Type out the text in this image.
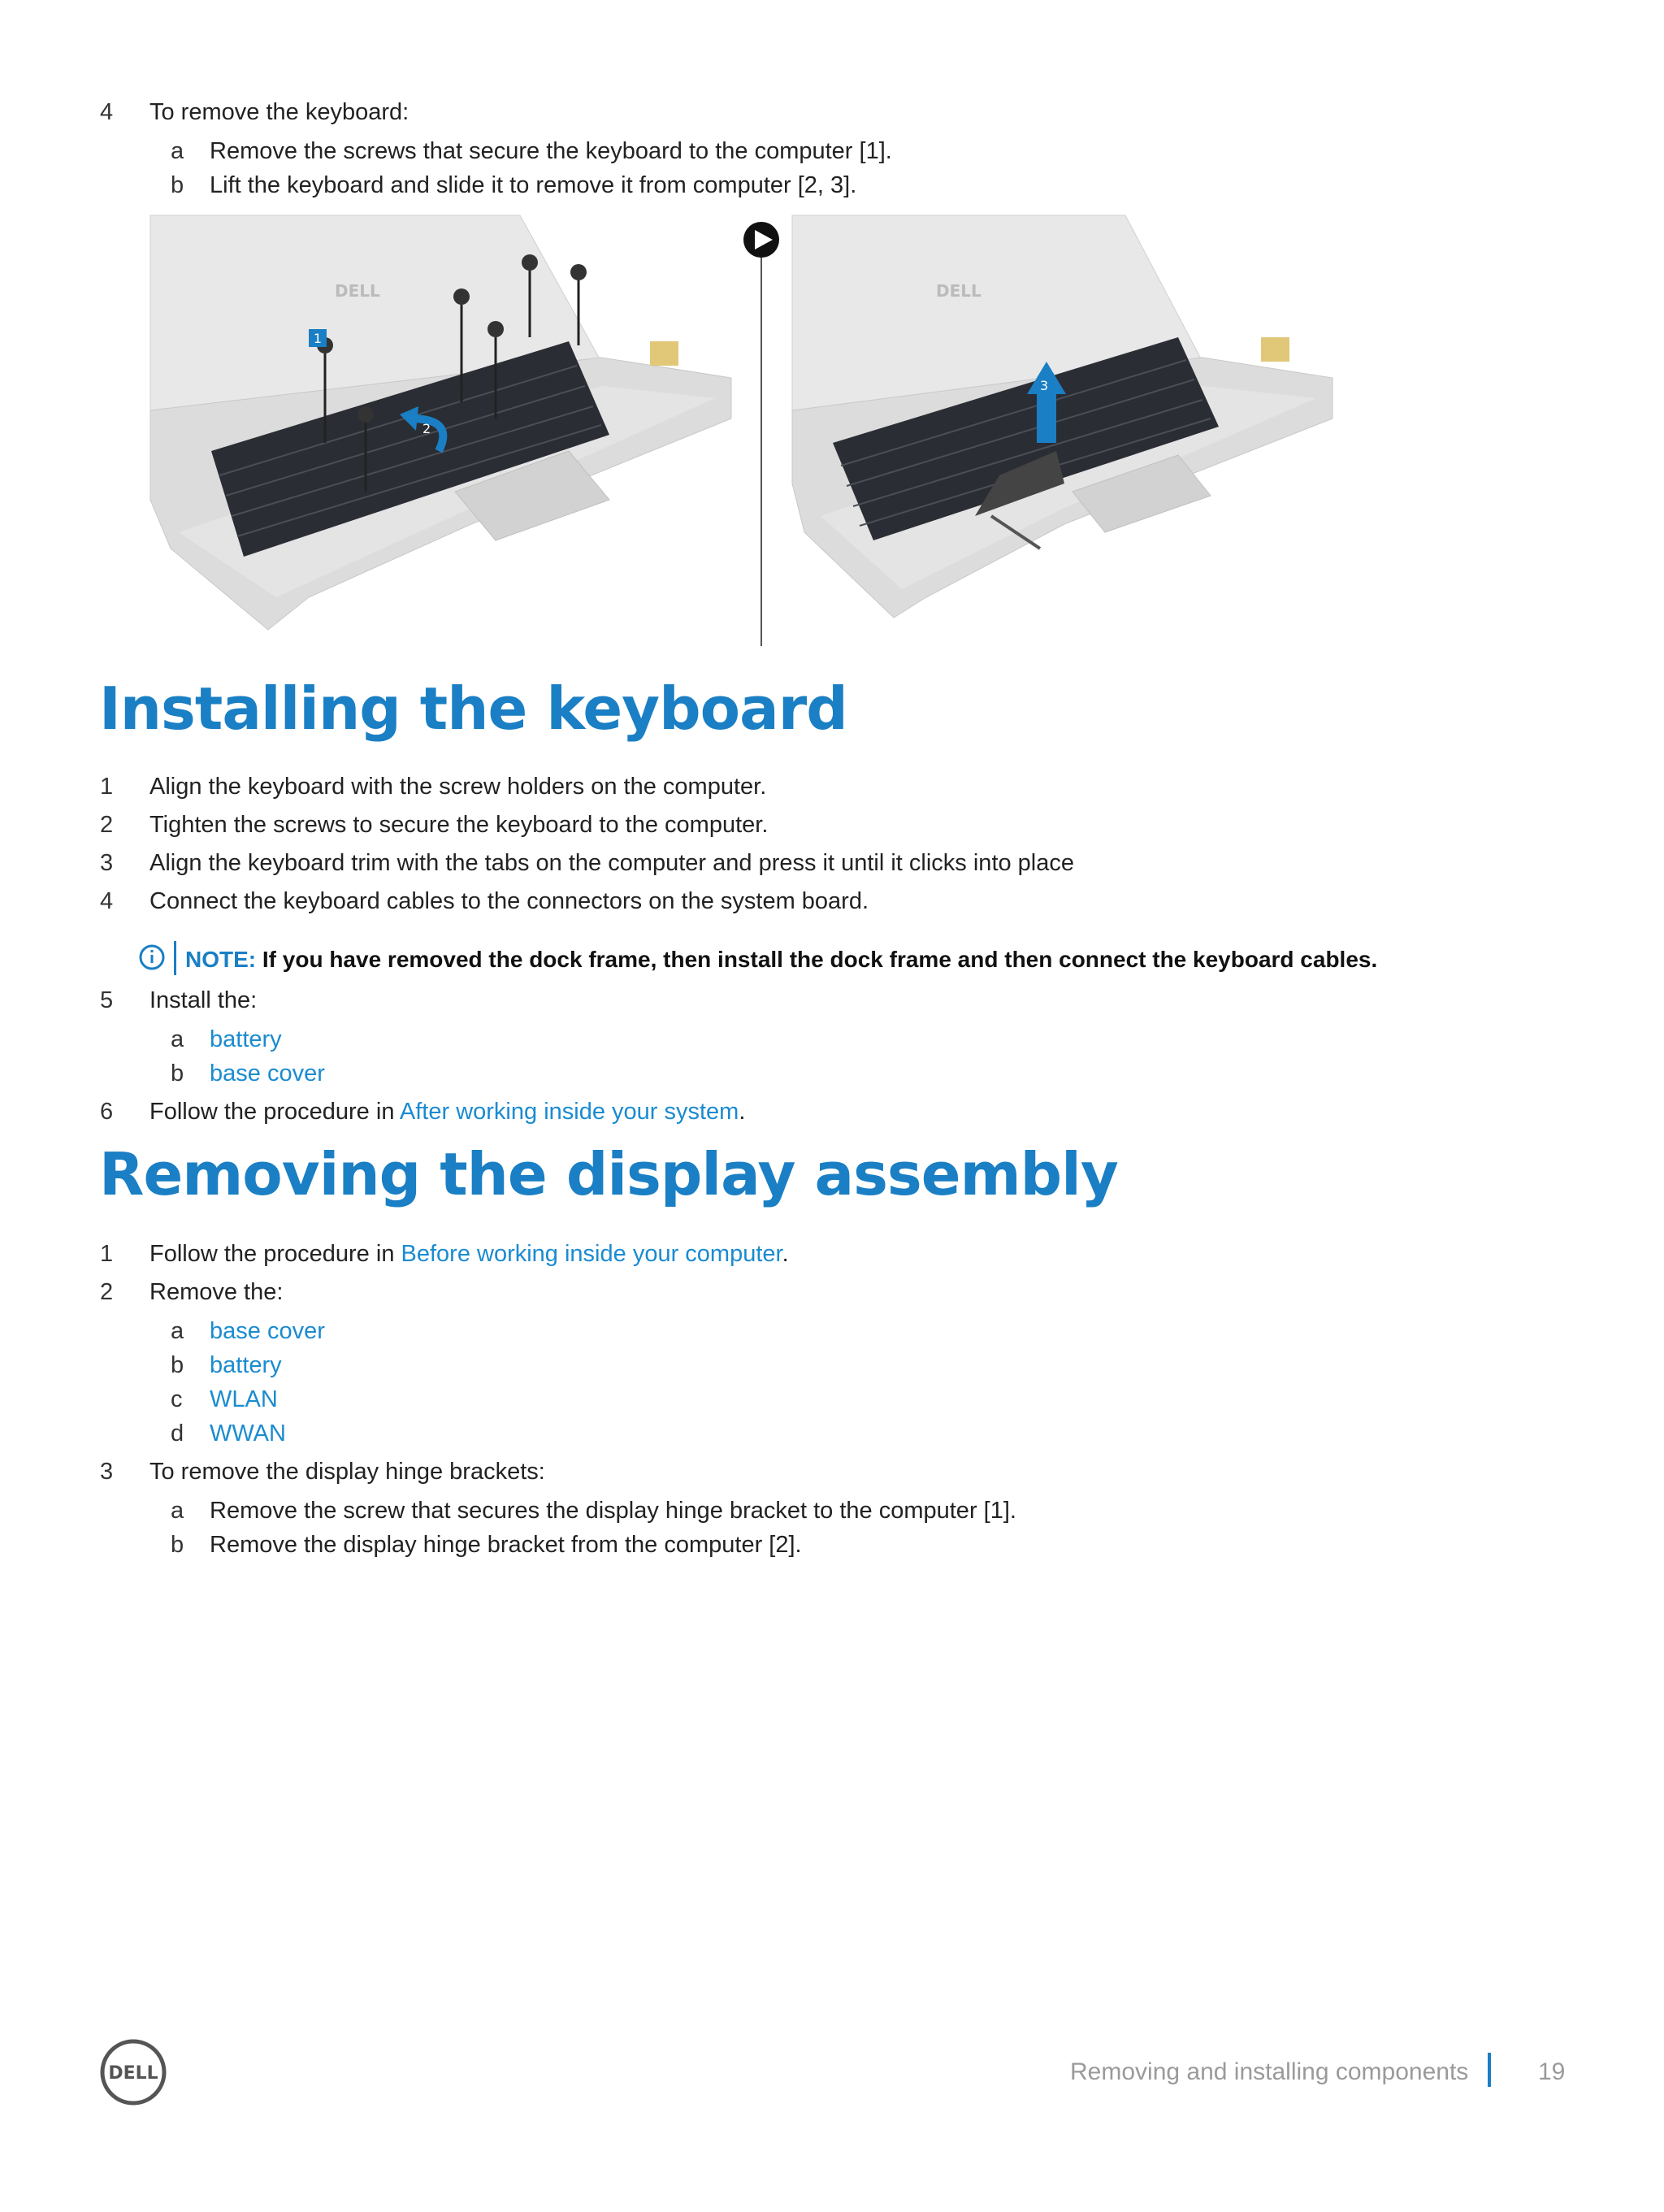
4 To remove the keyboard:
a Remove the screws that secure the keyboard to the computer [1].
b Lift the keyboard and slide it to remove it from computer [2, 3].
1
2
DELL
3
DELL
Installing the keyboard
1 Align the keyboard with the screw holders on the computer.
2 Tighten the screws to secure the keyboard to the computer.
3 Align the keyboard trim with the tabs on the computer and press it until it clicks into place
4 Connect the keyboard cables to the connectors on the system board.
NOTE: If you have removed the dock frame, then install the dock frame and then connect the keyboard cables.
5 Install the:
a battery
b base cover
6 Follow the procedure in After working inside your system.
Removing the display assembly
1 Follow the procedure in Before working inside your computer.
2 Remove the:
a base cover
b battery
c WLAN
d WWAN
3 To remove the display hinge brackets:
a Remove the screw that secures the display hinge bracket to the computer [1].
b Remove the display hinge bracket from the computer [2].
DELL	Removing and installing components	19
